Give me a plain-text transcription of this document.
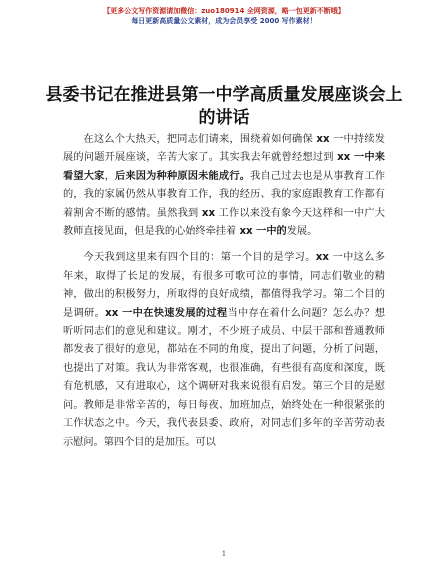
【更多公文写作资源请加微信：zuo180914 全网资源，略一包更新不断哦】
每日更新高质量公文素材，成为会员享受 2000 写作素材！
县委书记在推进县第一中学高质量发展座谈会上的讲话

在这么个大热天，把同志们请来，围绕着如何确保 xx 一中持续发展的问题开展座谈，辛苦大家了。其实我去年就曾经想过到 xx 一中来看望大家，后来因为种种原因未能成行。我自己过去也是从事教育工作的，我的家属仍然从事教育工作，我的经历、我的家庭跟教育工作都有着割舍不断的感情。虽然我到 xx 工作以来没有象今天这样和一中广大教师直接见面，但是我的心始终牵挂着 xx 一中的发展。

今天我到这里来有四个目的：第一个目的是学习。xx 一中这么多年来，取得了长足的发展，有很多可歌可泣的事情，同志们敬业的精神，做出的积极努力，所取得的良好成绩，都值得我学习。第二个目的是调研。xx 一中在快速发展的过程当中存在着什么问题？怎么办？想听听同志们的意见和建议。刚才，不少班子成员、中层干部和普通教师都发表了很好的意见，都站在不同的角度，提出了问题，分析了问题，也提出了对策。我认为非常客观，也很准确，有些很有高度和深度，既有危机感，又有进取心，这个调研对我来说很有启发。第三个目的是慰问。教师是非常辛苦的，每日每夜、加班加点，始终处在一种很紧张的工作状态之中。今天，我代表县委、政府，对同志们多年的辛苦劳动表示慰问。第四个目的是加压。可以

1
